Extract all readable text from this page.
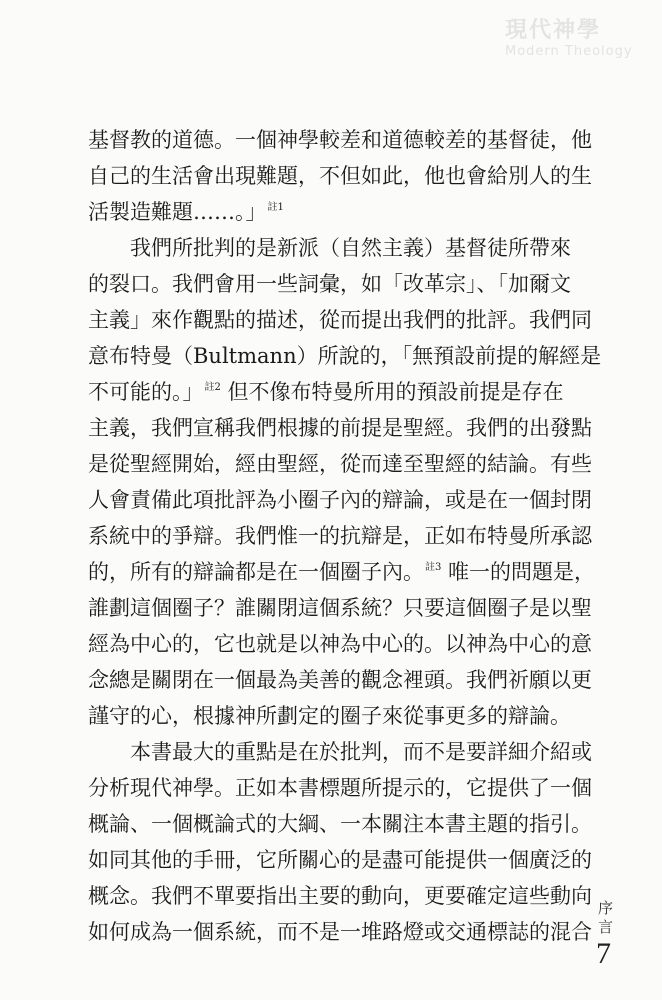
現代神學
Modern Theology
基督教的道德。一個神學較差和道德較差的基督徒，他
自己的生活會出現難題，不但如此，他也會給別人的生
活製造難題……。」$^{註1}$
我們所批判的是新派（自然主義）基督徒所帶來
的裂口。我們會用一些詞彙，如「改革宗」、「加爾文
主義」來作觀點的描述，從而提出我們的批評。我們同
意布特曼（Bultmann）所說的，「無預設前提的解經是
不可能的。」$^{註2}$ 但不像布特曼所用的預設前提是存在
主義，我們宣稱我們根據的前提是聖經。我們的出發點
是從聖經開始，經由聖經，從而達至聖經的結論。有些
人會責備此項批評為小圈子內的辯論，或是在一個封閉
系統中的爭辯。我們惟一的抗辯是，正如布特曼所承認
的，所有的辯論都是在一個圈子內。$^{註3}$ 唯一的問題是，
誰劃這個圈子？誰關閉這個系統？只要這個圈子是以聖
經為中心的，它也就是以神為中心的。以神為中心的意
念總是關閉在一個最為美善的觀念裡頭。我們祈願以更
謹守的心，根據神所劃定的圈子來從事更多的辯論。
本書最大的重點是在於批判，而不是要詳細介紹或
分析現代神學。正如本書標題所提示的，它提供了一個
概論、一個概論式的大綱、一本關注本書主題的指引。
如同其他的手冊，它所關心的是盡可能提供一個廣泛的
概念。我們不單要指出主要的動向，更要確定這些動向
如何成為一個系統，而不是一堆路燈或交通標誌的混合 序言
7
